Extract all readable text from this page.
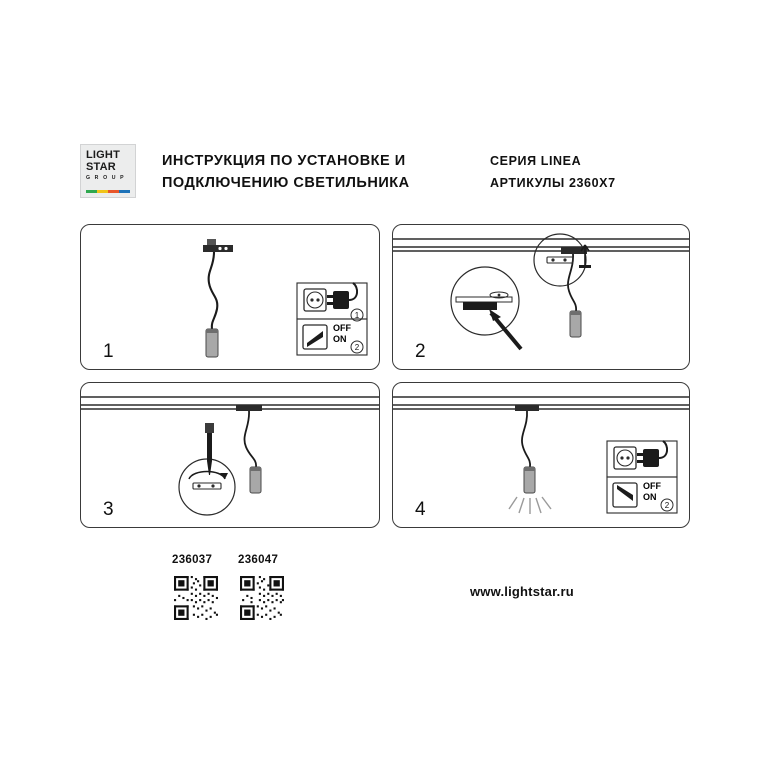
LIGHT
STAR
G R O U P
ИНСТРУКЦИЯ ПО УСТАНОВКЕ И
ПОДКЛЮЧЕНИЮ СВЕТИЛЬНИКА
СЕРИЯ LINEA
АРТИКУЛЫ 2360X7
1
2
OFF
ON
1	2
3	2
OFF
ON
4
236037 236047
www.lightstar.ru
